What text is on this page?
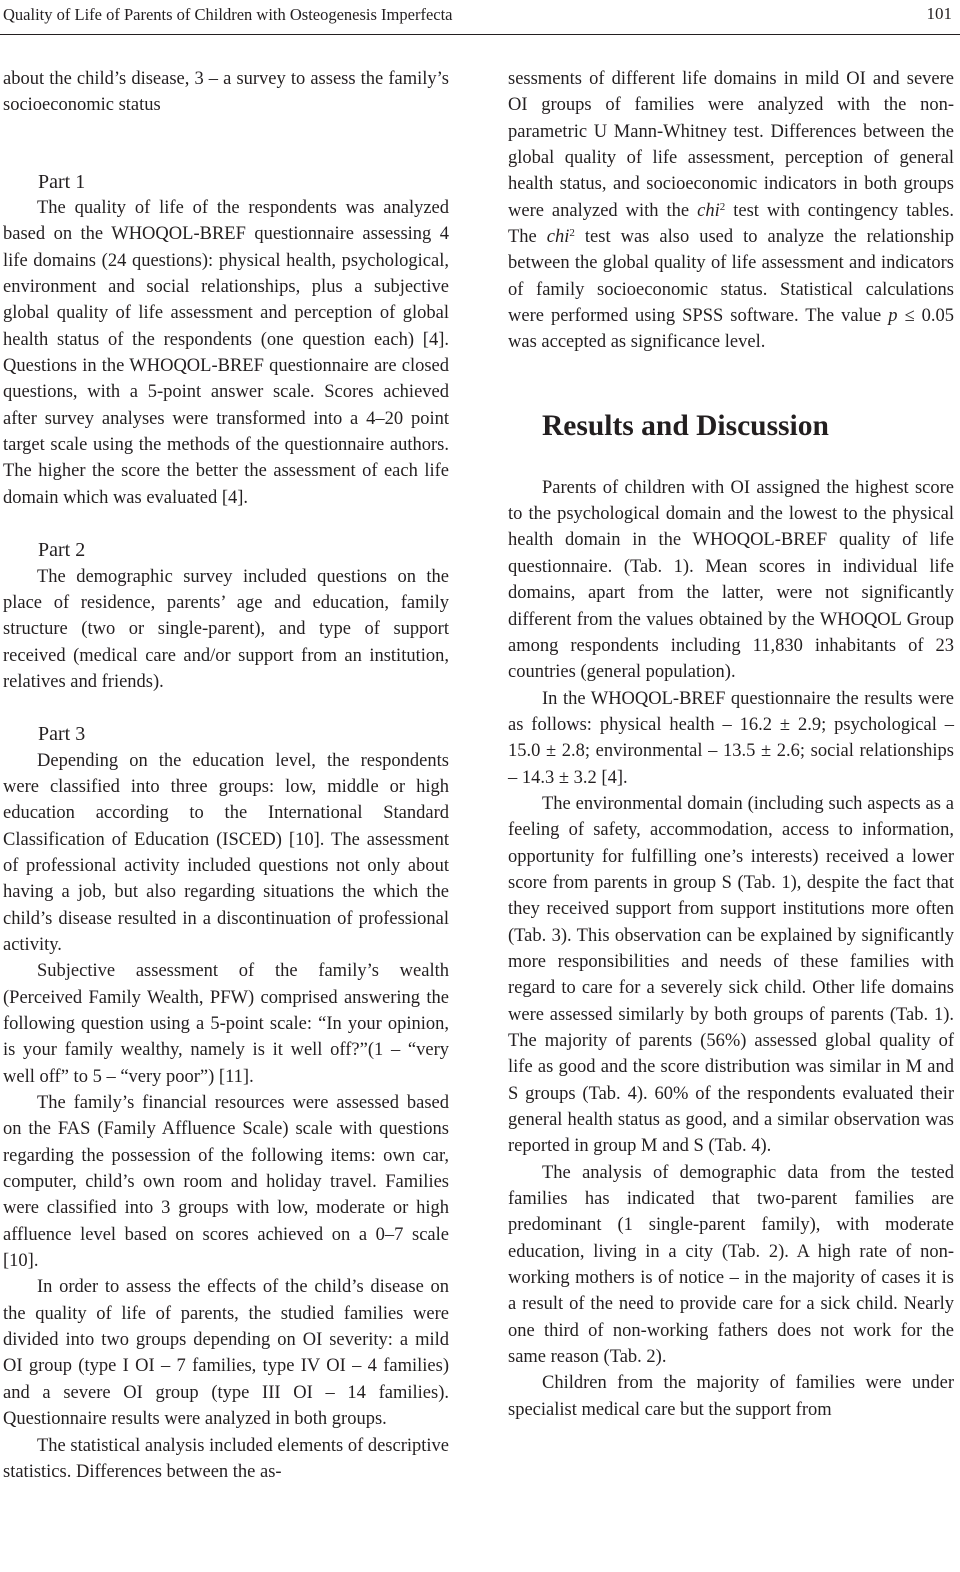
Quality of Life of Parents of Children with Osteogenesis Imperfecta	101

about the child’s disease, 3 – a survey to assess the family’s socioeconomic status

Part 1

The quality of life of the respondents was analyzed based on the WHOQOL-BREF questionnaire assessing 4 life domains (24 questions): physical health, psychological, environment and social relationships, plus a subjective global quality of life assessment and perception of global health status of the respondents (one question each) [4]. Questions in the WHOQOL-BREF questionnaire are closed questions, with a 5-point answer scale. Scores achieved after survey analyses were transformed into a 4–20 point target scale using the methods of the questionnaire authors. The higher the score the better the assessment of each life domain which was evaluated [4].

Part 2

The demographic survey included questions on the place of residence, parents’ age and education, family structure (two or single-parent), and type of support received (medical care and/or support from an institution, relatives and friends).

Part 3

Depending on the education level, the respondents were classified into three groups: low, middle or high education according to the International Standard Classification of Education (ISCED) [10]. The assessment of professional activity included questions not only about having a job, but also regarding situations the which the child’s disease resulted in a discontinuation of professional activity.

Subjective assessment of the family’s wealth (Perceived Family Wealth, PFW) comprised answering the following question using a 5-point scale: “In your opinion, is your family wealthy, namely is it well off?”(1 – “very well off” to 5 – “very poor”) [11].

The family’s financial resources were assessed based on the FAS (Family Affluence Scale) scale with questions regarding the possession of the following items: own car, computer, child’s own room and holiday travel. Families were classified into 3 groups with low, moderate or high affluence level based on scores achieved on a 0–7 scale [10].

In order to assess the effects of the child’s disease on the quality of life of parents, the studied families were divided into two groups depending on OI severity: a mild OI group (type I OI – 7 families, type IV OI – 4 families) and a severe OI group (type III OI – 14 families). Questionnaire results were analyzed in both groups.

The statistical analysis included elements of descriptive statistics. Differences between the as-

sessments of different life domains in mild OI and severe OI groups of families were analyzed with the non-parametric U Mann-Whitney test. Differences between the global quality of life assessment, perception of general health status, and socioeconomic indicators in both groups were analyzed with the chi$^2$ test with contingency tables. The chi$^2$ test was also used to analyze the relationship between the global quality of life assessment and indicators of family socioeconomic status. Statistical calculations were performed using SPSS software. The value p ≤ 0.05 was accepted as significance level.

Results and Discussion

Parents of children with OI assigned the highest score to the psychological domain and the lowest to the physical health domain in the WHOQOL-BREF quality of life questionnaire. (Tab. 1). Mean scores in individual life domains, apart from the latter, were not significantly different from the values obtained by the WHOQOL Group among respondents including 11,830 inhabitants of 23 countries (general population).

In the WHOQOL-BREF questionnaire the results were as follows: physical health – 16.2 ± 2.9; psychological – 15.0 ± 2.8; environmental – 13.5 ± 2.6; social relationships – 14.3 ± 3.2 [4].

The environmental domain (including such aspects as a feeling of safety, accommodation, access to information, opportunity for fulfilling one’s interests) received a lower score from parents in group S (Tab. 1), despite the fact that they received support from support institutions more often (Tab. 3). This observation can be explained by significantly more responsibilities and needs of these families with regard to care for a severely sick child. Other life domains were assessed similarly by both groups of parents (Tab. 1). The majority of parents (56%) assessed global quality of life as good and the score distribution was similar in M and S groups (Tab. 4). 60% of the respondents evaluated their general health status as good, and a similar observation was reported in group M and S (Tab. 4).

The analysis of demographic data from the tested families has indicated that two-parent families are predominant (1 single-parent family), with moderate education, living in a city (Tab. 2). A high rate of non-working mothers is of notice – in the majority of cases it is a result of the need to provide care for a sick child. Nearly one third of non-working fathers does not work for the same reason (Tab. 2).

Children from the majority of families were under specialist medical care but the support from
